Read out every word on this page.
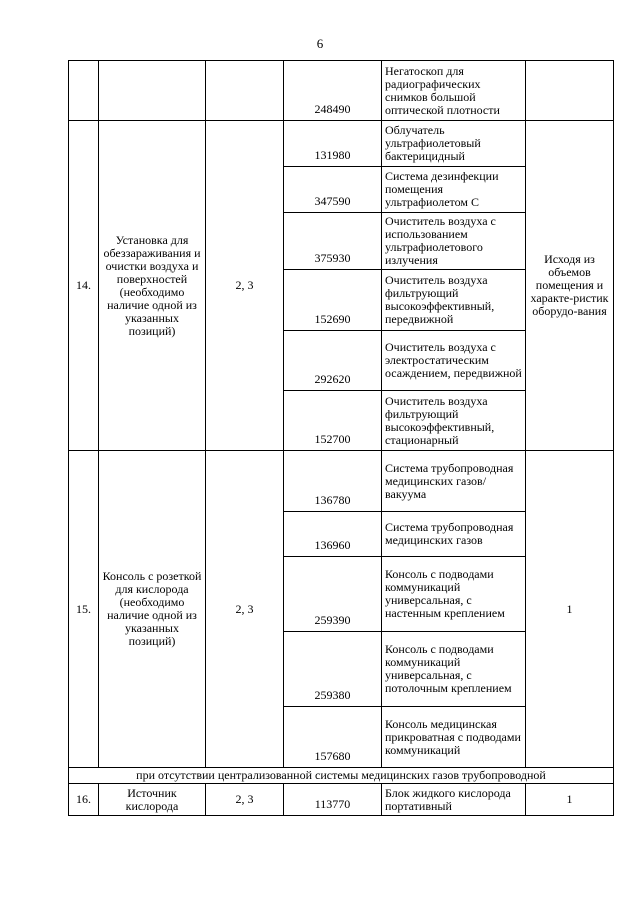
6
			248490	Негатоскоп для радиографических снимков большой оптической плотности	
14.	Установка для обеззараживания и очистки воздуха и поверхностей (необходимо наличие одной из указанных позиций)	2, 3	131980	Облучатель ультрафиолетовый бактерицидный	Исходя из объемов помещения и характе-ристик оборудо-вания
			347590	Система дезинфекции помещения ультрафиолетом С	
			375930	Очиститель воздуха с использованием ультрафиолетового излучения	
			152690	Очиститель воздуха фильтрующий высокоэффективный, передвижной	
			292620	Очиститель воздуха с электростатическим осаждением, передвижной	
			152700	Очиститель воздуха фильтрующий высокоэффективный, стационарный	
15.	Консоль с розеткой для кислорода (необходимо наличие одной из указанных позиций)	2, 3	136780	Система трубопроводная медицинских газов/ вакуума	1
			136960	Система трубопроводная медицинских газов	
			259390	Консоль с подводами коммуникаций универсальная, с настенным креплением	
			259380	Консоль с подводами коммуникаций универсальная, с потолочным креплением	
			157680	Консоль медицинская прикроватная с подводами коммуникаций	
при отсутствии централизованной системы медицинских газов трубопроводной					
16.	Источник кислорода	2, 3	113770	Блок жидкого кислорода портативный	1
